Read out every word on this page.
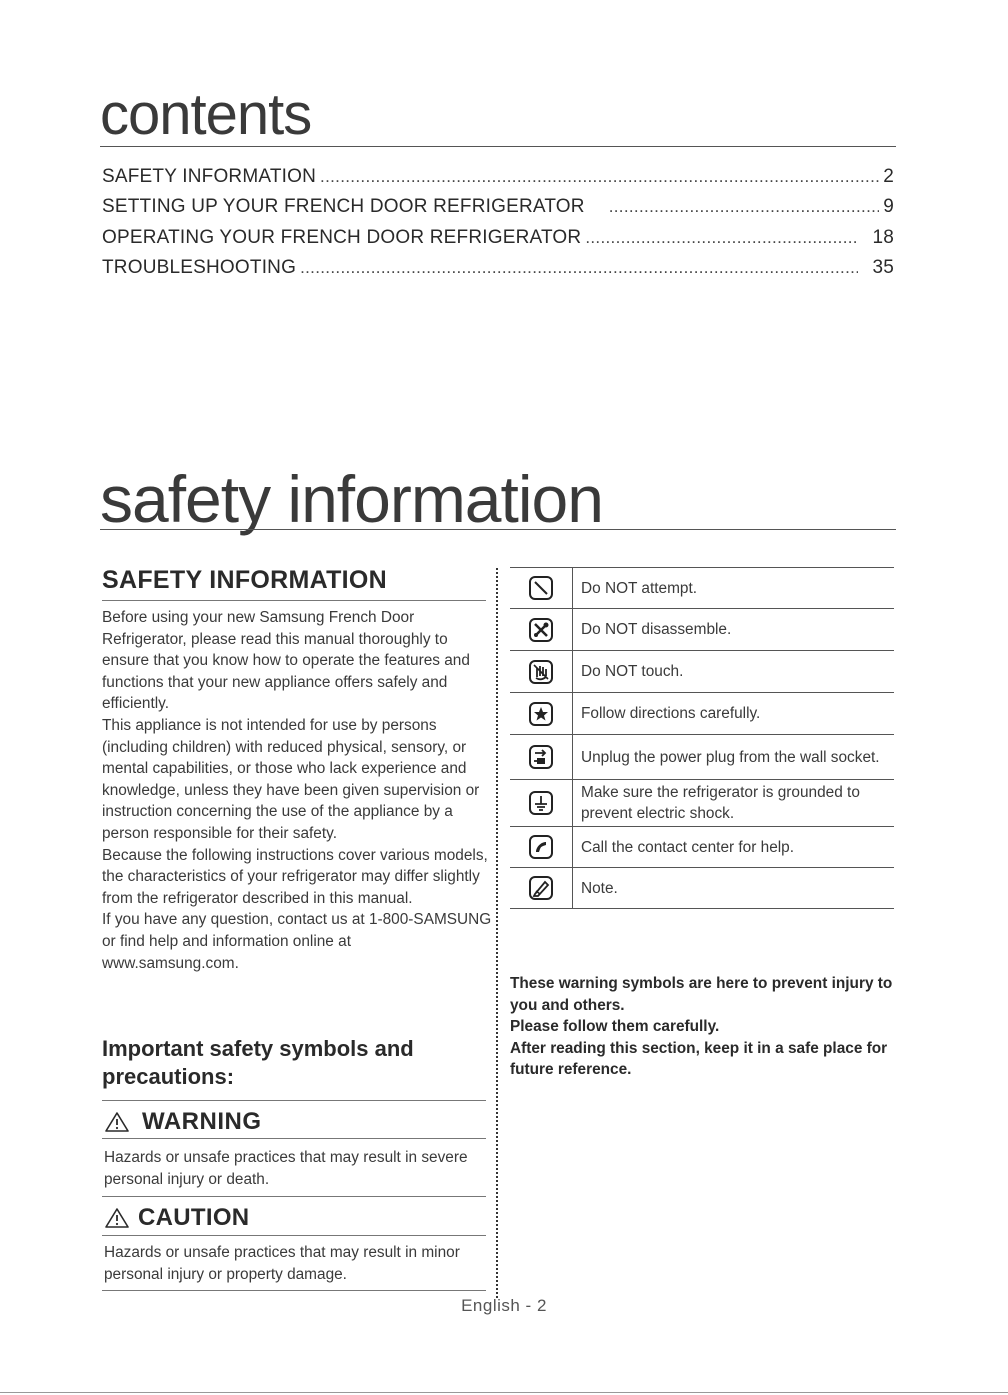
contents
SAFETY INFORMATION . . .	2
SETTING UP YOUR FRENCH DOOR REFRIGERATOR . . .	9
OPERATING YOUR FRENCH DOOR REFRIGERATOR . . .	18
TROUBLESHOOTING . . .	35
safety information
SAFETY INFORMATION

Before using your new Samsung French Door Refrigerator, please read this manual thoroughly to ensure that you know how to operate the features and functions that your new appliance offers safely and efficiently.

This appliance is not intended for use by persons (including children) with reduced physical, sensory, or mental capabilities, or those who lack experience and knowledge, unless they have been given supervision or instruction concerning the use of the appliance by a person responsible for their safety.

Because the following instructions cover various models, the characteristics of your refrigerator may differ slightly from the refrigerator described in this manual.

If you have any question, contact us at 1-800-SAMSUNG or find help and information online at www.samsung.com.

Important safety symbols and precautions:
WARNING
Hazards or unsafe practices that may result in severe personal injury or death.
CAUTION
Hazards or unsafe practices that may result in minor personal injury or property damage.
Do NOT attempt.
Do NOT disassemble.
Do NOT touch.
Follow directions carefully.
Unplug the power plug from the wall socket.
Make sure the refrigerator is grounded to prevent electric shock.
Call the contact center for help.
Note.

These warning symbols are here to prevent injury to you and others.

Please follow them carefully.

After reading this section, keep it in a safe place for future reference.

English - 2
